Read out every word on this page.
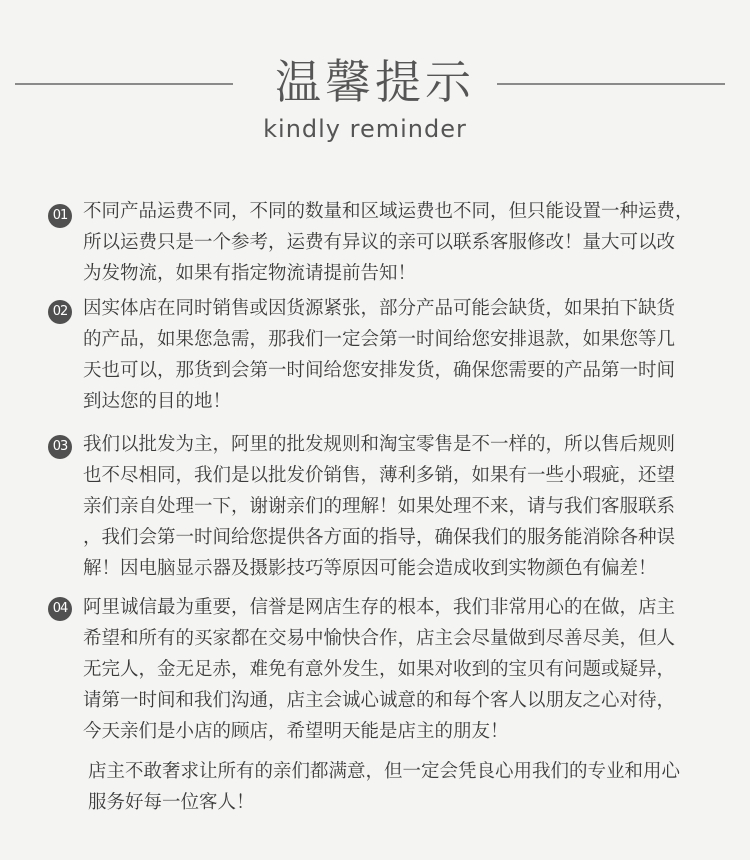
温馨提示
kindly reminder
01 不同产品运费不同，不同的数量和区域运费也不同，但只能设置一种运费，
所以运费只是一个参考，运费有异议的亲可以联系客服修改！量大可以改
为发物流，如果有指定物流请提前告知！
02 因实体店在同时销售或因货源紧张，部分产品可能会缺货，如果拍下缺货
的产品，如果您急需，那我们一定会第一时间给您安排退款，如果您等几
天也可以，那货到会第一时间给您安排发货，确保您需要的产品第一时间
到达您的目的地！
03 我们以批发为主，阿里的批发规则和淘宝零售是不一样的，所以售后规则
也不尽相同，我们是以批发价销售，薄利多销，如果有一些小瑕疵，还望
亲们亲自处理一下，谢谢亲们的理解！如果处理不来，请与我们客服联系
，我们会第一时间给您提供各方面的指导，确保我们的服务能消除各种误
解！因电脑显示器及摄影技巧等原因可能会造成收到实物颜色有偏差！
04 阿里诚信最为重要，信誉是网店生存的根本，我们非常用心的在做，店主
希望和所有的买家都在交易中愉快合作，店主会尽量做到尽善尽美，但人
无完人，金无足赤，难免有意外发生，如果对收到的宝贝有问题或疑异，
请第一时间和我们沟通，店主会诚心诚意的和每个客人以朋友之心对待，
今天亲们是小店的顾店，希望明天能是店主的朋友！
店主不敢奢求让所有的亲们都满意，但一定会凭良心用我们的专业和用心
服务好每一位客人！
